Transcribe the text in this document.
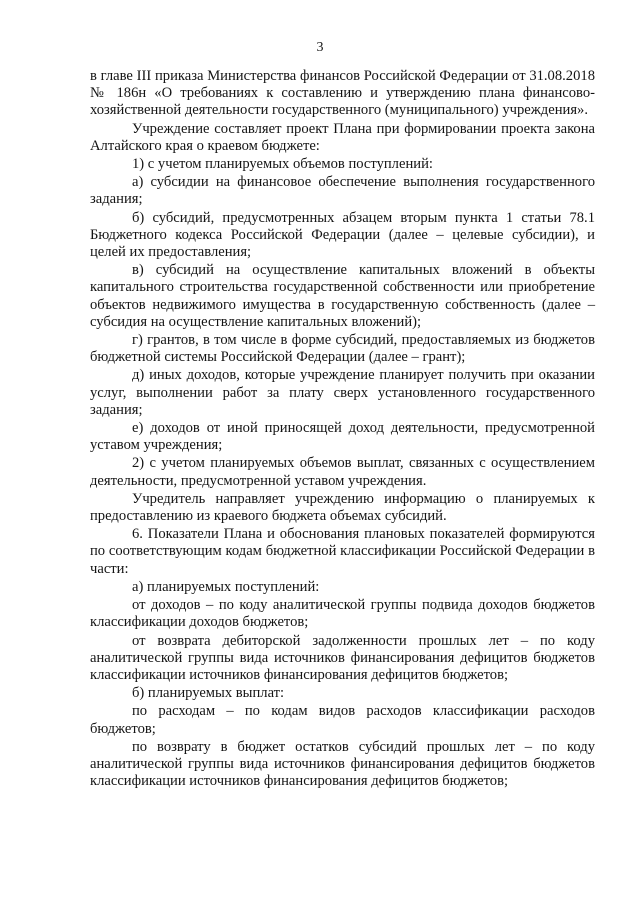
3

в главе III приказа Министерства финансов Российской Федерации от 31.08.2018 № 186н «О требованиях к составлению и утверждению плана финансово-хозяйственной деятельности государственного (муниципального) учреждения».

Учреждение составляет проект Плана при формировании проекта закона Алтайского края о краевом бюджете:

1) с учетом планируемых объемов поступлений:

а) субсидии на финансовое обеспечение выполнения государственного задания;

б) субсидий, предусмотренных абзацем вторым пункта 1 статьи 78.1 Бюджетного кодекса Российской Федерации (далее – целевые субсидии), и целей их предоставления;

в) субсидий на осуществление капитальных вложений в объекты капитального строительства государственной собственности или приобретение объектов недвижимого имущества в государственную собственность (далее – субсидия на осуществление капитальных вложений);

г) грантов, в том числе в форме субсидий, предоставляемых из бюджетов бюджетной системы Российской Федерации (далее – грант);

д) иных доходов, которые учреждение планирует получить при оказании услуг, выполнении работ за плату сверх установленного государственного задания;

е) доходов от иной приносящей доход деятельности, предусмотренной уставом учреждения;

2) с учетом планируемых объемов выплат, связанных с осуществлением деятельности, предусмотренной уставом учреждения.

Учредитель направляет учреждению информацию о планируемых к предоставлению из краевого бюджета объемах субсидий.

6. Показатели Плана и обоснования плановых показателей формируются по соответствующим кодам бюджетной классификации Российской Федерации в части:

а) планируемых поступлений:

от доходов – по коду аналитической группы подвида доходов бюджетов классификации доходов бюджетов;

от возврата дебиторской задолженности прошлых лет – по коду аналитической группы вида источников финансирования дефицитов бюджетов классификации источников финансирования дефицитов бюджетов;

б) планируемых выплат:

по расходам – по кодам видов расходов классификации расходов бюджетов;

по возврату в бюджет остатков субсидий прошлых лет – по коду аналитической группы вида источников финансирования дефицитов бюджетов классификации источников финансирования дефицитов бюджетов;
